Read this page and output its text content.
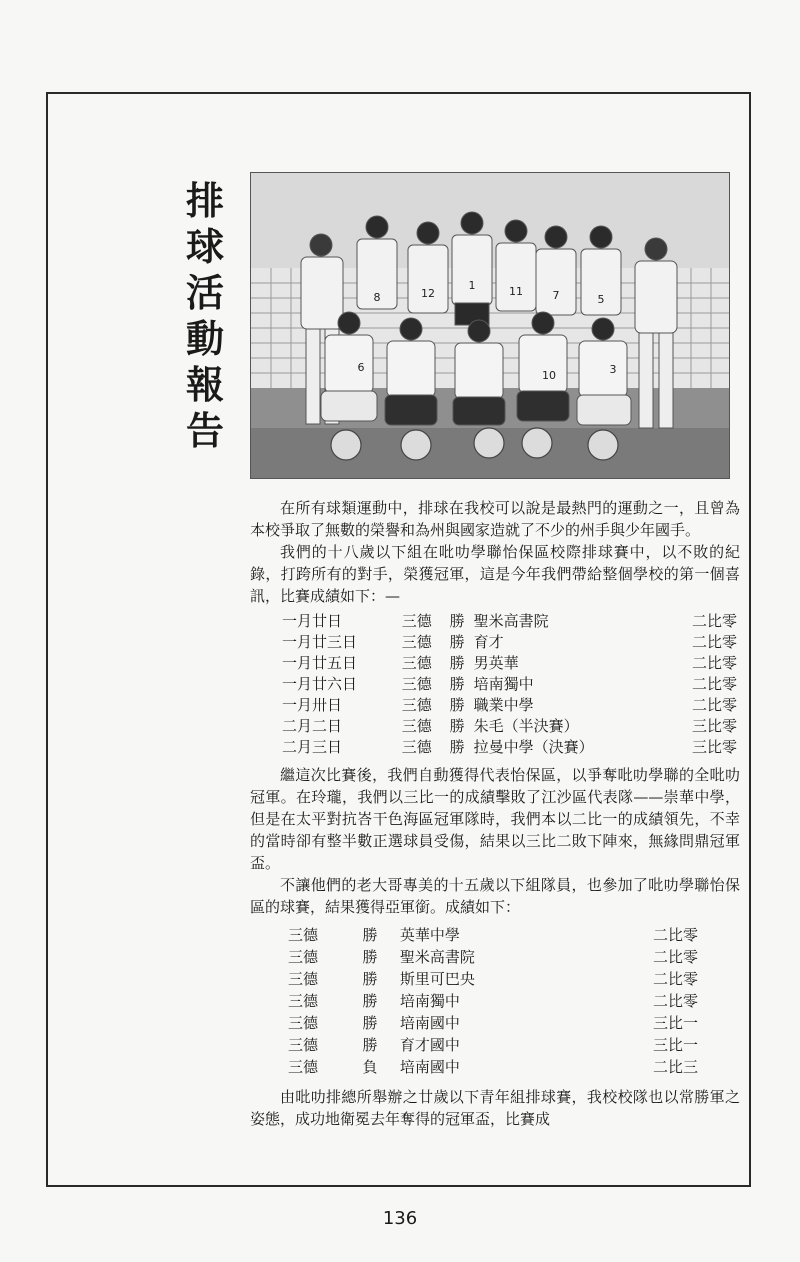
排
球
活
動
報
告
8	12
1	11	7	5
6
10	3

在所有球類運動中，排球在我校可以說是最熱門的運動之一，且曾為本校爭取了無數的榮譽和為州與國家造就了不少的州手與少年國手。

我們的十八歲以下組在吡叻學聯怡保區校際排球賽中，以不敗的紀錄，打跨所有的對手，榮獲冠軍，這是今年我們帶給整個學校的第一個喜訊，比賽成績如下：—

一月廿日	三德	勝	聖米高書院	二比零
一月廿三日	三德	勝	育才	二比零
一月廿五日	三德	勝	男英華	二比零
一月廿六日	三德	勝	培南獨中	二比零
一月卅日	三德	勝	職業中學	二比零
二月二日	三德	勝	朱毛（半決賽）	三比零
二月三日	三德	勝	拉曼中學（決賽）	三比零

繼這次比賽後，我們自動獲得代表怡保區，以爭奪吡叻學聯的全吡叻冠軍。在玲瓏，我們以三比一的成績擊敗了江沙區代表隊——崇華中學，但是在太平對抗峇干色海區冠軍隊時，我們本以二比一的成績領先，不幸的當時卻有整半數正選球員受傷，結果以三比二敗下陣來，無緣問鼎冠軍盃。

不讓他們的老大哥專美的十五歲以下組隊員，也參加了吡叻學聯怡保區的球賽，結果獲得亞軍銜。成績如下：

三德	勝	英華中學	二比零
三德	勝	聖米高書院	二比零
三德	勝	斯里可巴央	二比零
三德	勝	培南獨中	二比零
三德	勝	培南國中	三比一
三德	勝	育才國中	三比一
三德	負	培南國中	二比三

由吡叻排總所舉辦之廿歲以下青年組排球賽，我校校隊也以常勝軍之姿態，成功地衛冕去年奪得的冠軍盃，比賽成

136
